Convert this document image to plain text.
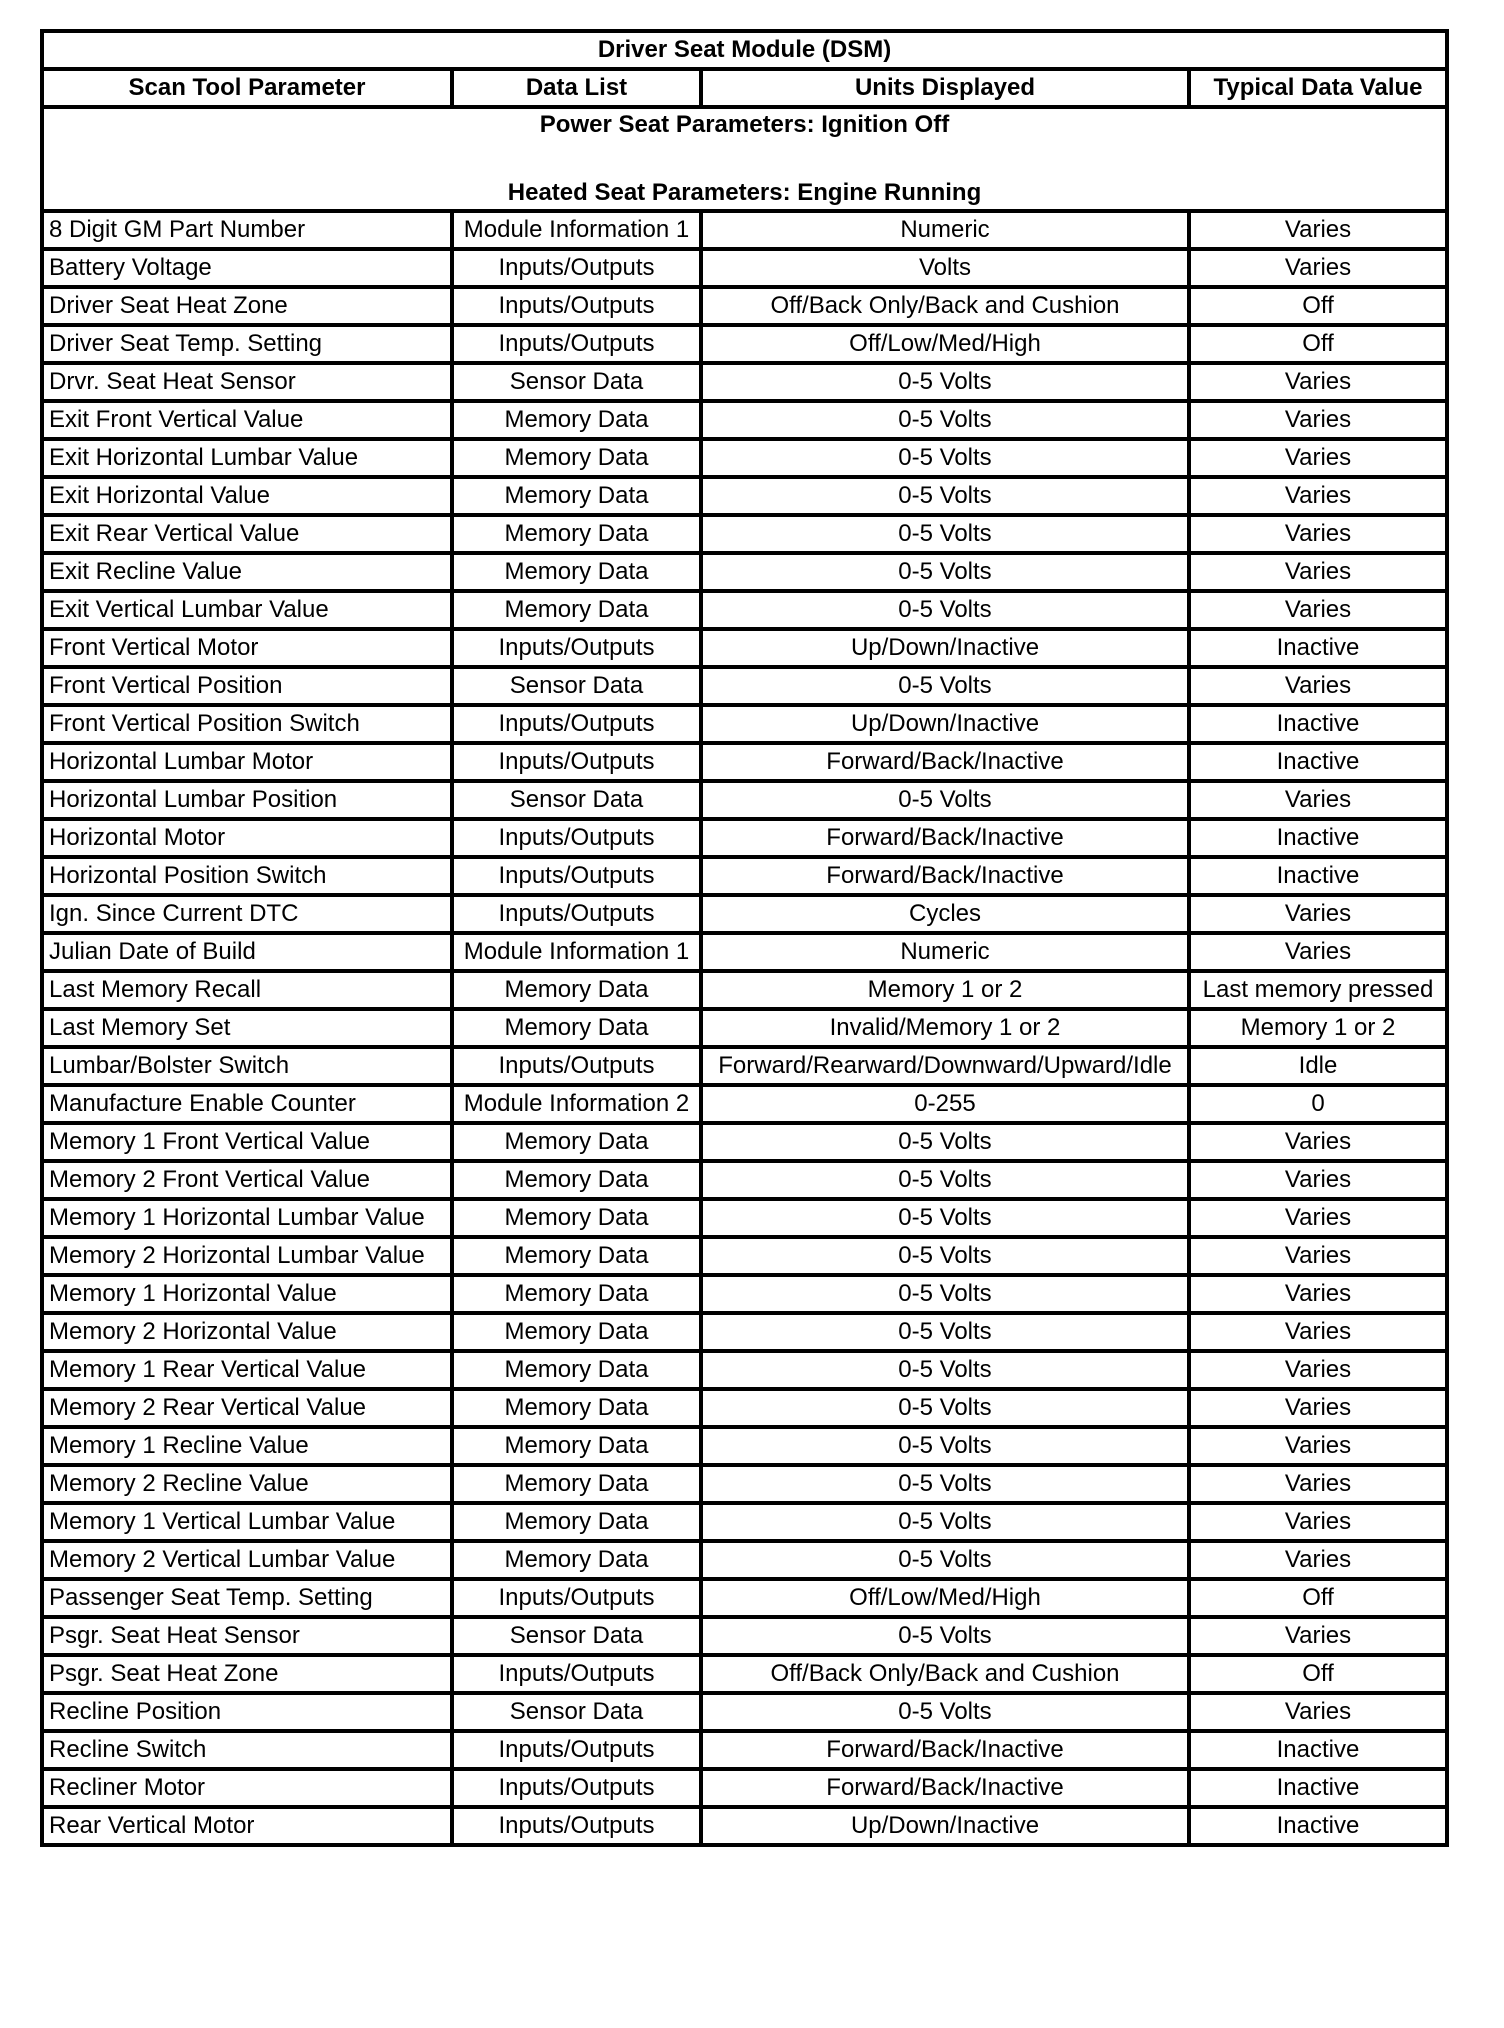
Driver Seat Module (DSM)			
Scan Tool Parameter	Data List	Units Displayed	Typical Data Value

Power Seat Parameters: Ignition Off
Heated Seat Parameters: Engine Running			

8 Digit GM Part Number	Module Information 1	Numeric	Varies
Battery Voltage	Inputs/Outputs	Volts	Varies
Driver Seat Heat Zone	Inputs/Outputs	Off/Back Only/Back and Cushion	Off
Driver Seat Temp. Setting	Inputs/Outputs	Off/Low/Med/High	Off
Drvr. Seat Heat Sensor	Sensor Data	0-5 Volts	Varies
Exit Front Vertical Value	Memory Data	0-5 Volts	Varies
Exit Horizontal Lumbar Value	Memory Data	0-5 Volts	Varies
Exit Horizontal Value	Memory Data	0-5 Volts	Varies
Exit Rear Vertical Value	Memory Data	0-5 Volts	Varies
Exit Recline Value	Memory Data	0-5 Volts	Varies
Exit Vertical Lumbar Value	Memory Data	0-5 Volts	Varies
Front Vertical Motor	Inputs/Outputs	Up/Down/Inactive	Inactive
Front Vertical Position	Sensor Data	0-5 Volts	Varies
Front Vertical Position Switch	Inputs/Outputs	Up/Down/Inactive	Inactive
Horizontal Lumbar Motor	Inputs/Outputs	Forward/Back/Inactive	Inactive
Horizontal Lumbar Position	Sensor Data	0-5 Volts	Varies
Horizontal Motor	Inputs/Outputs	Forward/Back/Inactive	Inactive
Horizontal Position Switch	Inputs/Outputs	Forward/Back/Inactive	Inactive
Ign. Since Current DTC	Inputs/Outputs	Cycles	Varies
Julian Date of Build	Module Information 1	Numeric	Varies
Last Memory Recall	Memory Data	Memory 1 or 2	Last memory pressed
Last Memory Set	Memory Data	Invalid/Memory 1 or 2	Memory 1 or 2
Lumbar/Bolster Switch	Inputs/Outputs	Forward/Rearward/Downward/Upward/Idle	Idle
Manufacture Enable Counter	Module Information 2	0-255	0
Memory 1 Front Vertical Value	Memory Data	0-5 Volts	Varies
Memory 2 Front Vertical Value	Memory Data	0-5 Volts	Varies
Memory 1 Horizontal Lumbar Value	Memory Data	0-5 Volts	Varies
Memory 2 Horizontal Lumbar Value	Memory Data	0-5 Volts	Varies
Memory 1 Horizontal Value	Memory Data	0-5 Volts	Varies
Memory 2 Horizontal Value	Memory Data	0-5 Volts	Varies
Memory 1 Rear Vertical Value	Memory Data	0-5 Volts	Varies
Memory 2 Rear Vertical Value	Memory Data	0-5 Volts	Varies
Memory 1 Recline Value	Memory Data	0-5 Volts	Varies
Memory 2 Recline Value	Memory Data	0-5 Volts	Varies
Memory 1 Vertical Lumbar Value	Memory Data	0-5 Volts	Varies
Memory 2 Vertical Lumbar Value	Memory Data	0-5 Volts	Varies
Passenger Seat Temp. Setting	Inputs/Outputs	Off/Low/Med/High	Off
Psgr. Seat Heat Sensor	Sensor Data	0-5 Volts	Varies
Psgr. Seat Heat Zone	Inputs/Outputs	Off/Back Only/Back and Cushion	Off
Recline Position	Sensor Data	0-5 Volts	Varies
Recline Switch	Inputs/Outputs	Forward/Back/Inactive	Inactive
Recliner Motor	Inputs/Outputs	Forward/Back/Inactive	Inactive
Rear Vertical Motor	Inputs/Outputs	Up/Down/Inactive	Inactive
